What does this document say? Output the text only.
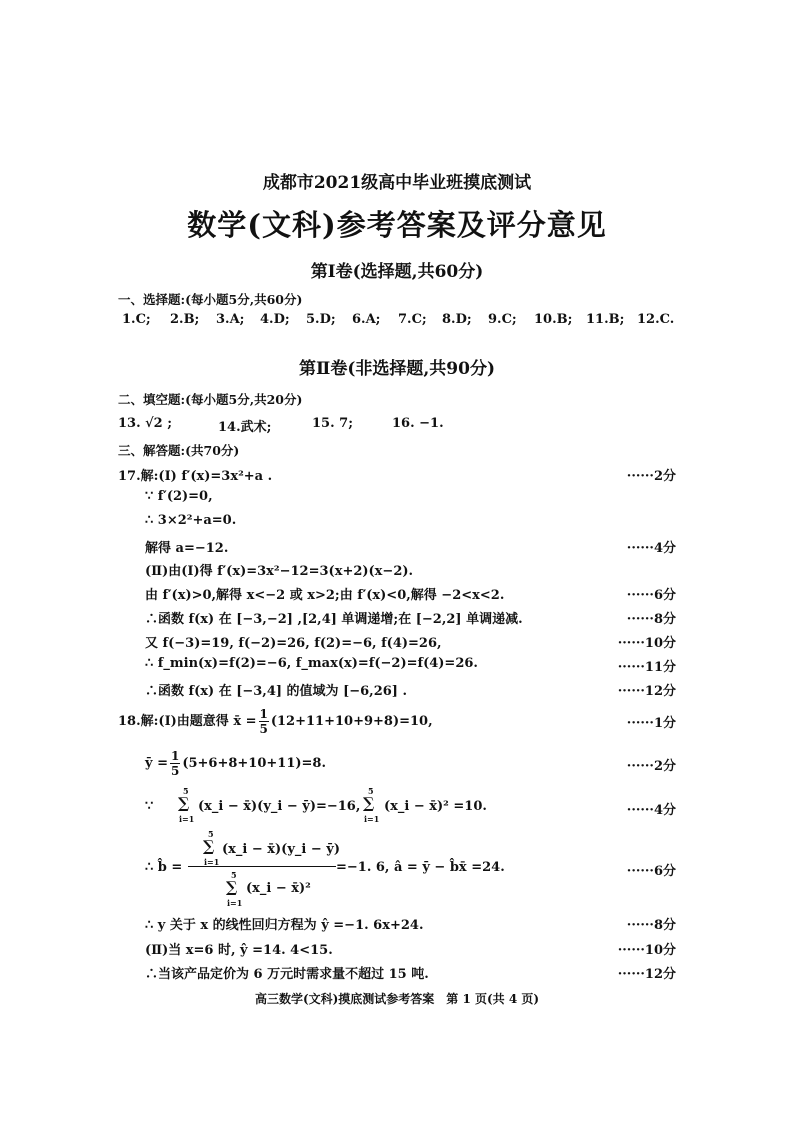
成都市2021级高中毕业班摸底测试
数学(文科)参考答案及评分意见
第Ⅰ卷(选择题,共60分)
一、选择题:(每小题5分,共60分)
1.C; 2.B; 3.A; 4.D; 5.D; 6.A; 7.C; 8.D; 9.C; 10.B; 11.B; 12.C.
第Ⅱ卷(非选择题,共90分)
二、填空题:(每小题5分,共20分)
13. √2 ;	14.武术;	15. 7;	16. −1.
三、解答题:(共70分)
17.解:(Ⅰ) f′(x)=3x²+a .	······2分
∵ f′(2)=0,
∴ 3×2²+a=0.
解得 a=−12.	······4分
(Ⅱ)由(Ⅰ)得 f′(x)=3x²−12=3(x+2)(x−2).
由 f′(x)>0,解得 x<−2 或 x>2;由 f′(x)<0,解得 −2<x<2.	······6分
∴函数 f(x) 在 [−3,−2] ,[2,4] 单调递增;在 [−2,2] 单调递减.	······8分
又 f(−3)=19, f(−2)=26, f(2)=−6, f(4)=26,	······10分
∴ f_min(x)=f(2)=−6, f_max(x)=f(−2)=f(4)=26.	······11分
∴函数 f(x) 在 [−3,4] 的值域为 [−6,26] .	······12分
18.解:(Ⅰ)由题意得 x̄ = $\frac{1}{5} (12+11+10+9+8)=10$,	······1分
ȳ = $\frac{1}{5} (5+6+8+10+11)=8$.	······2分
∵ ∑
5
i=1
(x_i − x̄)(y_i − ȳ)=−16, ∑
5
i=1
(x_i − x̄)² =10.	······4分
∴ b̂ =
∑
5
i=1
(x_i − x̄)(y_i − ȳ)
∑
5
i=1
(x_i − x̄)²
=−1. 6, â = ȳ − b̂x̄ =24.	······6分
∴ y 关于 x 的线性回归方程为 ŷ =−1. 6x+24.	······8分
(Ⅱ)当 x=6 时, ŷ =14. 4<15.	······10分
∴当该产品定价为 6 万元时需求量不超过 15 吨.	······12分
高三数学(文科)摸底测试参考答案　第 1 页(共 4 页)
